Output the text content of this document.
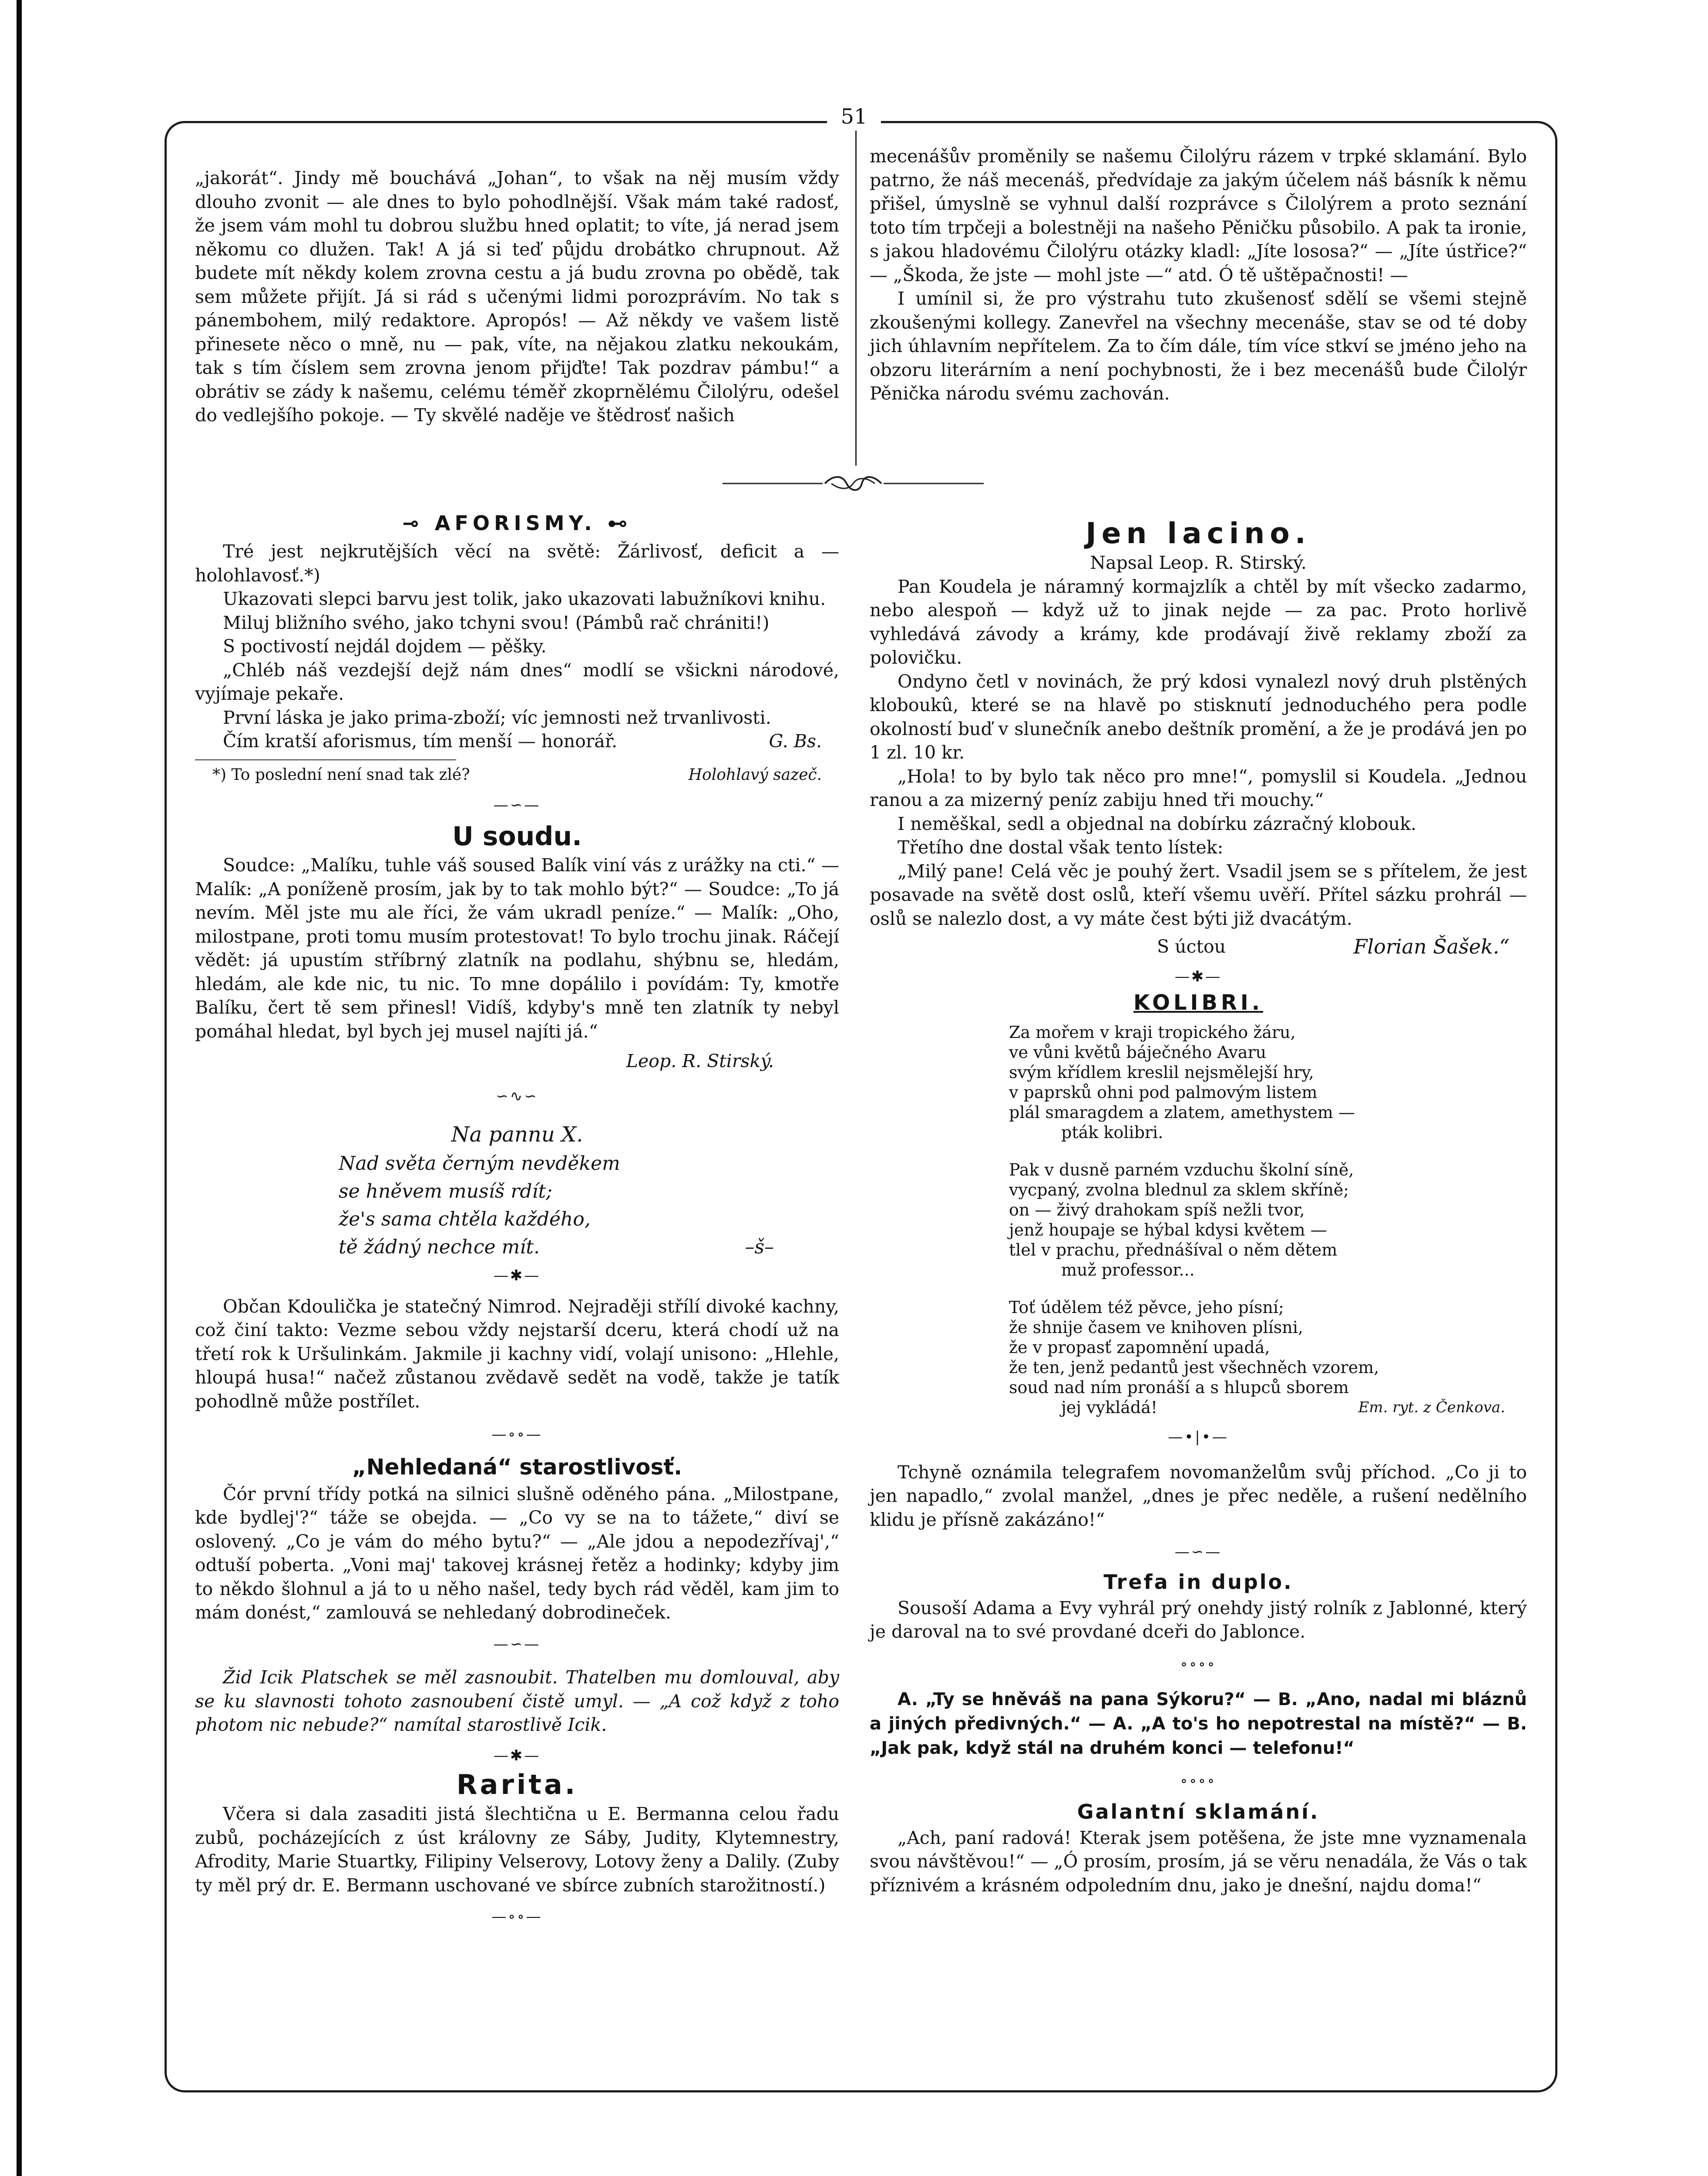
51

„jakorát“. Jindy mě bouchává „Johan“, to však na něj musím vždy dlouho zvonit — ale dnes to bylo pohodlnější. Však mám také radosť, že jsem vám mohl tu dobrou službu hned oplatit; to víte, já nerad jsem někomu co dlužen. Tak! A já si teď půjdu drobátko chrupnout. Až budete mít někdy kolem zrovna cestu a já budu zrovna po obědě, tak sem můžete přijít. Já si rád s učenými lidmi porozprávím. No tak s pánembohem, milý redaktore. Apropós! — Až někdy ve vašem listě přinesete něco o mně, nu — pak, víte, na nějakou zlatku nekoukám, tak s tím číslem sem zrovna jenom přijďte! Tak pozdrav pámbu!“ a obrátiv se zády k našemu, celému téměř zkoprnělému Čilolýru, odešel do vedlejšího pokoje. — Ty skvělé naděje ve štědrosť našich

⊸ AFORISMY. ⊷

Tré jest nejkrutějších věcí na světě: Žárlivosť, deficit a — holohlavosť.*)

Ukazovati slepci barvu jest tolik, jako ukazovati labužníkovi knihu.

Miluj bližního svého, jako tchyni svou! (Pámbů rač chrániti!)

S poctivostí nejdál dojdem — pěšky.

„Chléb náš vezdejší dejž nám dnes“ modlí se všickni národové, vyjímaje pekaře.

První láska je jako prima-zboží; víc jemnosti než trvanlivosti.

Čím kratší aforismus, tím menší — honorář.	G. Bs.
*) To poslední není snad tak zlé?	Holohlavý sazeč.
—∽—
U soudu.

Soudce: „Malíku, tuhle váš soused Balík viní vás z urážky na cti.“ — Malík: „A poníženě prosím, jak by to tak mohlo být?“ — Soudce: „To já nevím. Měl jste mu ale říci, že vám ukradl peníze.“ — Malík: „Oho, milostpane, proti tomu musím protestovat! To bylo trochu jinak. Ráčejí vědět: já upustím stříbrný zlatník na podlahu, shýbnu se, hledám, hledám, ale kde nic, tu nic. To mne dopálilo i povídám: Ty, kmotře Balíku, čert tě sem přinesl! Vidíš, kdyby's mně ten zlatník ty nebyl pomáhal hledat, byl bych jej musel najíti já.“

Leop. R. Stirský.
∽∿∽
Na pannu X.
Nad světa černým nevděkem
se hněvem musíš rdít;
že's sama chtěla každého,
tě žádný nechce mít.	–š–
—✱—

Občan Kdoulička je statečný Nimrod. Nejraději střílí divoké kachny, což činí takto: Vezme sebou vždy nejstarší dceru, která chodí už na třetí rok k Uršulinkám. Jakmile ji kachny vidí, volají unisono: „Hlehle, hloupá husa!“ načež zůstanou zvědavě sedět na vodě, takže je tatík pohodlně může postřílet.

—∘∘—
„Nehledaná“ starostlivosť.

Čór první třídy potká na silnici slušně oděného pána. „Milostpane, kde bydlej'?“ táže se obejda. — „Co vy se na to tážete,“ diví se oslovený. „Co je vám do mého bytu?“ — „Ale jdou a nepodezřívaj',“ odtuší poberta. „Voni maj' takovej krásnej řetěz a hodinky; kdyby jim to někdo šlohnul a já to u něho našel, tedy bych rád věděl, kam jim to mám donést,“ zamlouvá se nehledaný dobrodineček.

—∽—

Žid Icik Platschek se měl zasnoubit. Thatelben mu domlouval, aby se ku slavnosti tohoto zasnoubení čistě umyl. — „A což když z toho photom nic nebude?“ namítal starostlivě Icik.

—✱—
Rarita.

Včera si dala zasaditi jistá šlechtična u E. Bermanna celou řadu zubů, pocházejících z úst královny ze Sáby, Judity, Klytemnestry, Afrodity, Marie Stuartky, Filipiny Velserovy, Lotovy ženy a Dalily. (Zuby ty měl prý dr. E. Bermann uschované ve sbírce zubních starožitností.)

—∘∘—

mecenášův proměnily se našemu Čilolýru rázem v trpké sklamání. Bylo patrno, že náš mecenáš, předvídaje za jakým účelem náš básník k němu přišel, úmyslně se vyhnul další rozprávce s Čilolýrem a proto seznání toto tím trpčeji a bolestněji na našeho Pěničku působilo. A pak ta ironie, s jakou hladovému Čilolýru otázky kladl: „Jíte lososa?“ — „Jíte ústřice?“ — „Škoda, že jste — mohl jste —“ atd. Ó tě uštěpačnosti! —

I umínil si, že pro výstrahu tuto zkušenosť sdělí se všemi stejně zkoušenými kollegy. Zanevřel na všechny mecenáše, stav se od té doby jich úhlavním nepřítelem. Za to čím dále, tím více stkví se jméno jeho na obzoru literárním a není pochybnosti, že i bez mecenášů bude Čilolýr Pěnička národu svému zachován.

Jen lacino.
Napsal Leop. R. Stirský.

Pan Koudela je náramný kormajzlík a chtěl by mít všecko zadarmo, nebo alespoň — když už to jinak nejde — za pac. Proto horlivě vyhledává závody a krámy, kde prodávají živě reklamy zboží za polovičku.

Ondyno četl v novinách, že prý kdosi vynalezl nový druh plstěných kloboukû, které se na hlavě po stisknutí jednoduchého pera podle okolností buď v slunečník anebo deštník promění, a že je prodává jen po 1 zl. 10 kr.

„Hola! to by bylo tak něco pro mne!“, pomyslil si Koudela. „Jednou ranou a za mizerný peníz zabiju hned tři mouchy.“

I neměškal, sedl a objednal na dobírku zázračný klobouk.

Třetího dne dostal však tento lístek:

„Milý pane! Celá věc je pouhý žert. Vsadil jsem se s přítelem, že jest posavade na světě dost oslů, kteří všemu uvěří. Přítel sázku prohrál — oslů se nalezlo dost, a vy máte čest býti již dvacátým.

S úctou	Florian Šašek.“
—✱—
KOLIBRI.
Za mořem v kraji tropického žáru,
ve vůni květů báječného Avaru
svým křídlem kreslil nejsmělejší hry,
v paprsků ohni pod palmovým listem
plál smaragdem a zlatem, amethystem —
pták kolibri.
Pak v dusně parném vzduchu školní síně,
vycpaný, zvolna blednul za sklem skříně;
on — živý drahokam spíš nežli tvor,
jenž houpaje se hýbal kdysi květem —
tlel v prachu, přednášíval o něm dětem
muž professor...
Toť údělem též pěvce, jeho písní;
že shnije časem ve knihoven plísni,
že v propasť zapomnění upadá,
že ten, jenž pedantů jest všechněch vzorem,
soud nad ním pronáší a s hlupců sborem
jej vykládá!	Em. ryt. z Čenkova.
—•|•—

Tchyně oznámila telegrafem novomanželům svůj příchod. „Co ji to jen napadlo,“ zvolal manžel, „dnes je přec neděle, a rušení nedělního klidu je přísně zakázáno!“

—∽—
Trefa in duplo.

Sousoší Adama a Evy vyhrál prý onehdy jistý rolník z Jablonné, který je daroval na to své provdané dceři do Jablonce.

∘∘∘∘

A. „Ty se hněváš na pana Sýkoru?“ — B. „Ano, nadal mi bláznů a jiných předivných.“ — A. „A to's ho nepotrestal na místě?“ — B. „Jak pak, když stál na druhém konci — telefonu!“

∘∘∘∘
Galantní sklamání.

„Ach, paní radová! Kterak jsem potěšena, že jste mne vyznamenala svou návštěvou!“ — „Ó prosím, prosím, já se věru nenadála, že Vás o tak příznivém a krásném odpoledním dnu, jako je dnešní, najdu doma!“
